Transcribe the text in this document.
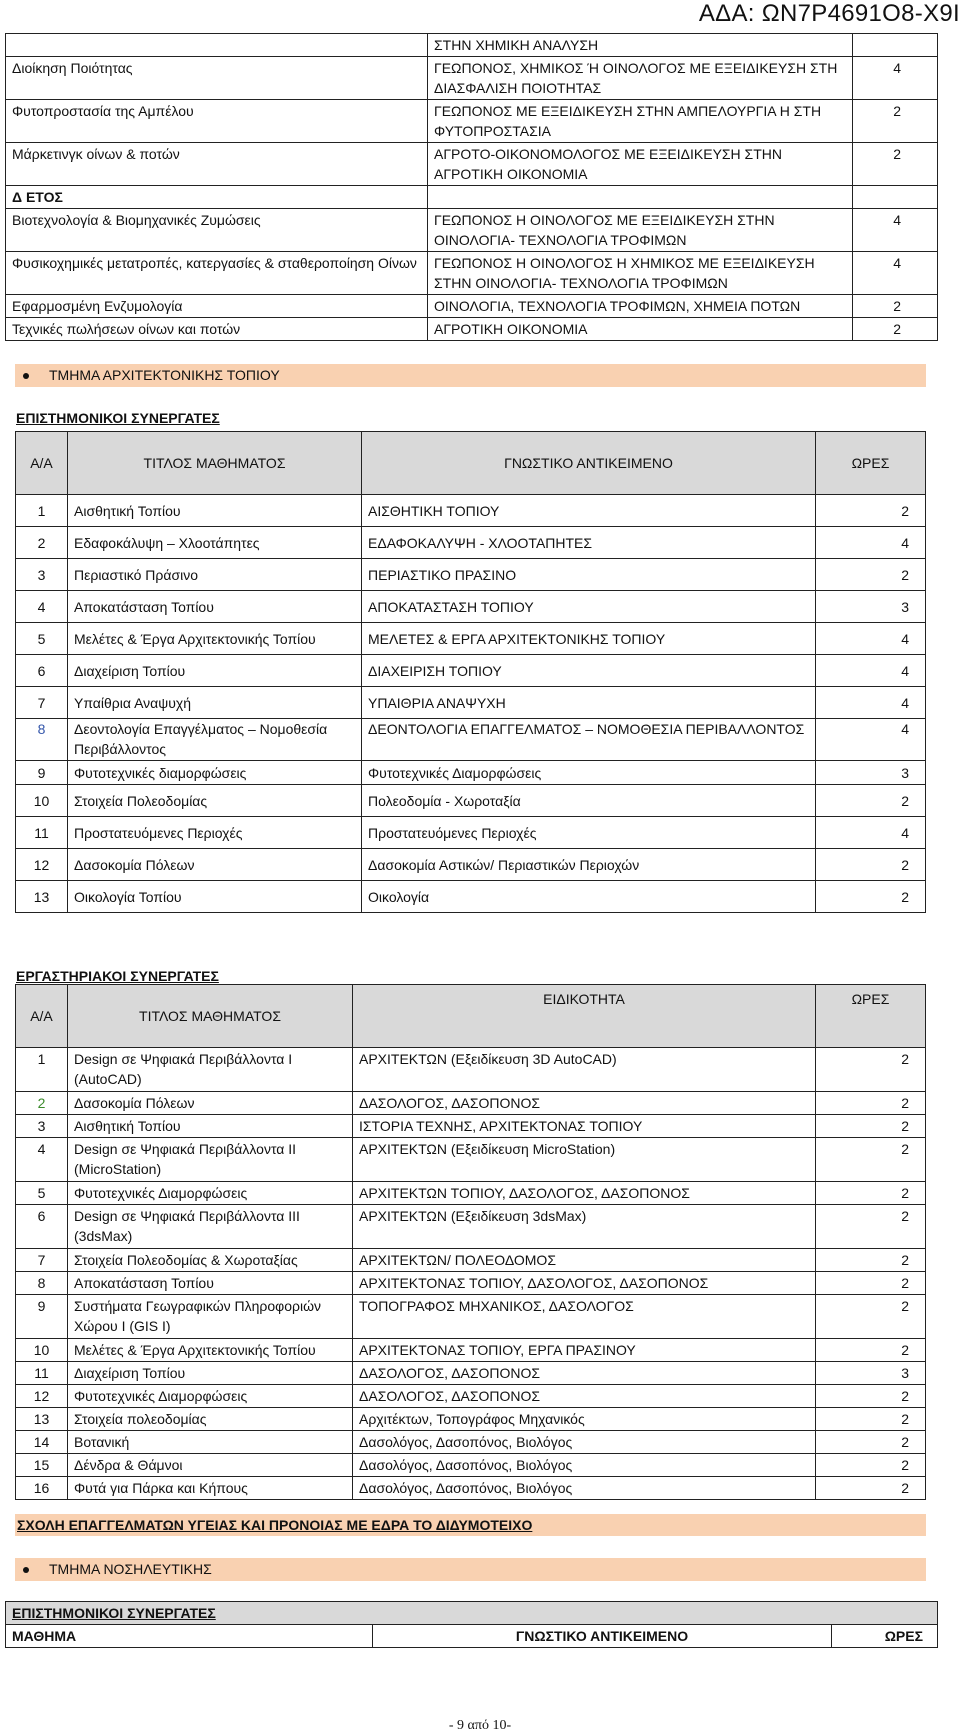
ΑΔΑ: ΩΝ7Ρ4691Ο8-Χ9Ι
	ΣΤΗΝ ΧΗΜΙΚΗ ΑΝΑΛΥΣΗ	
Διοίκηση Ποιότητας	ΓΕΩΠΟΝΟΣ, ΧΗΜΙΚΟΣ Ή ΟΙΝΟΛΟΓΟΣ ΜΕ ΕΞΕΙΔΙΚΕΥΣΗ ΣΤΗ ΔΙΑΣΦΑΛΙΣΗ ΠΟΙΟΤΗΤΑΣ	4
Φυτοπροστασία της Αμπέλου	ΓΕΩΠΟΝΟΣ ΜΕ ΕΞΕΙΔΙΚΕΥΣΗ ΣΤΗΝ ΑΜΠΕΛΟΥΡΓΙΑ Η ΣΤΗ ΦΥΤΟΠΡΟΣΤΑΣΙΑ	2
Μάρκετινγκ οίνων & ποτών	ΑΓΡΟΤΟ-ΟΙΚΟΝΟΜΟΛΟΓΟΣ ΜΕ ΕΞΕΙΔΙΚΕΥΣΗ ΣΤΗΝ ΑΓΡΟΤΙΚΗ ΟΙΚΟΝΟΜΙΑ	2
Δ ΕΤΟΣ		
Βιοτεχνολογία & Βιομηχανικές Ζυμώσεις	ΓΕΩΠΟΝΟΣ Η ΟΙΝΟΛΟΓΟΣ ΜΕ ΕΞΕΙΔΙΚΕΥΣΗ ΣΤΗΝ ΟΙΝΟΛΟΓΙΑ- ΤΕΧΝΟΛΟΓΙΑ ΤΡΟΦΙΜΩΝ	4
Φυσικοχημικές μετατροπές, κατεργασίες & σταθεροποίηση Οίνων	ΓΕΩΠΟΝΟΣ Η ΟΙΝΟΛΟΓΟΣ Η ΧΗΜΙΚΟΣ ΜΕ ΕΞΕΙΔΙΚΕΥΣΗ ΣΤΗΝ ΟΙΝΟΛΟΓΙΑ- ΤΕΧΝΟΛΟΓΙΑ ΤΡΟΦΙΜΩΝ	4
Εφαρμοσμένη Ενζυμολογία	ΟΙΝΟΛΟΓΙΑ, ΤΕΧΝΟΛΟΓΙΑ ΤΡΟΦΙΜΩΝ, ΧΗΜΕΙΑ ΠΟΤΩΝ	2
Τεχνικές πωλήσεων οίνων και ποτών	ΑΓΡΟΤΙΚΗ ΟΙΚΟΝΟΜΙΑ	2
ΤΜΗΜΑ ΑΡΧΙΤΕΚΤΟΝΙΚΗΣ ΤΟΠΙΟΥ
ΕΠΙΣΤΗΜΟΝΙΚΟΙ ΣΥΝΕΡΓΑΤΕΣ
Α/Α	ΤΙΤΛΟΣ ΜΑΘΗΜΑΤΟΣ	ΓΝΩΣΤΙΚΟ ΑΝΤΙΚΕΙΜΕΝΟ	ΩΡΕΣ
1	Αισθητική Τοπίου	ΑΙΣΘΗΤΙΚΗ ΤΟΠΙΟΥ	2
2	Εδαφοκάλυψη – Χλοοτάπητες	ΕΔΑΦΟΚΑΛΥΨΗ - ΧΛΟΟΤΑΠΗΤΕΣ	4
3	Περιαστικό Πράσινο	ΠΕΡΙΑΣΤΙΚΟ ΠΡΑΣΙΝΟ	2
4	Αποκατάσταση Τοπίου	ΑΠΟΚΑΤΑΣΤΑΣΗ ΤΟΠΙΟΥ	3
5	Μελέτες & Έργα Αρχιτεκτονικής Τοπίου	ΜΕΛΕΤΕΣ & ΕΡΓΑ ΑΡΧΙΤΕΚΤΟΝΙΚΗΣ ΤΟΠΙΟΥ	4
6	Διαχείριση Τοπίου	ΔΙΑΧΕΙΡΙΣΗ ΤΟΠΙΟΥ	4
7	Υπαίθρια Αναψυχή	ΥΠΑΙΘΡΙΑ ΑΝΑΨΥΧΗ	4
8	Δεοντολογία Επαγγέλματος – Νομοθεσία Περιβάλλοντος	ΔΕΟΝΤΟΛΟΓΙΑ ΕΠΑΓΓΕΛΜΑΤΟΣ – ΝΟΜΟΘΕΣΙΑ ΠΕΡΙΒΑΛΛΟΝΤΟΣ	4
9	Φυτοτεχνικές διαμορφώσεις	Φυτοτεχνικές Διαμορφώσεις	3
10	Στοιχεία Πολεοδομίας	Πολεοδομία - Χωροταξία	2
11	Προστατευόμενες Περιοχές	Προστατευόμενες Περιοχές	4
12	Δασοκομία Πόλεων	Δασοκομία Αστικών/ Περιαστικών Περιοχών	2
13	Οικολογία Τοπίου	Οικολογία	2
ΕΡΓΑΣΤΗΡΙΑΚΟΙ ΣΥΝΕΡΓΑΤΕΣ
Α/Α	ΤΙΤΛΟΣ ΜΑΘΗΜΑΤΟΣ	ΕΙΔΙΚΟΤΗΤΑ	ΩΡΕΣ
1	Design σε Ψηφιακά Περιβάλλοντα I (AutoCAD)	ΑΡΧΙΤΕΚΤΩΝ (Εξειδίκευση 3D AutoCAD)	2
2	Δασοκομία Πόλεων	ΔΑΣΟΛΟΓΟΣ, ΔΑΣΟΠΟΝΟΣ	2
3	Αισθητική Τοπίου	ΙΣΤΟΡΙΑ ΤΕΧΝΗΣ, ΑΡΧΙΤΕΚΤΟΝΑΣ ΤΟΠΙΟΥ	2
4	Design σε Ψηφιακά Περιβάλλοντα II (MicroStation)	ΑΡΧΙΤΕΚΤΩΝ (Εξειδίκευση MicroStation)	2
5	Φυτοτεχνικές Διαμορφώσεις	ΑΡΧΙΤΕΚΤΩΝ ΤΟΠΙΟΥ, ΔΑΣΟΛΟΓΟΣ, ΔΑΣΟΠΟΝΟΣ	2
6	Design σε Ψηφιακά Περιβάλλοντα III (3dsMax)	ΑΡΧΙΤΕΚΤΩΝ (Εξειδίκευση 3dsMax)	2
7	Στοιχεία Πολεοδομίας & Χωροταξίας	ΑΡΧΙΤΕΚΤΩΝ/ ΠΟΛΕΟΔΟΜΟΣ	2
8	Αποκατάσταση Τοπίου	ΑΡΧΙΤΕΚΤΟΝΑΣ ΤΟΠΙΟΥ, ΔΑΣΟΛΟΓΟΣ, ΔΑΣΟΠΟΝΟΣ	2
9	Συστήματα Γεωγραφικών Πληροφοριών Χώρου I (GIS I)	ΤΟΠΟΓΡΑΦΟΣ ΜΗΧΑΝΙΚΟΣ, ΔΑΣΟΛΟΓΟΣ	2
10	Μελέτες & Έργα Αρχιτεκτονικής Τοπίου	ΑΡΧΙΤΕΚΤΟΝΑΣ ΤΟΠΙΟΥ, ΕΡΓΑ ΠΡΑΣΙΝΟΥ	2
11	Διαχείριση Τοπίου	ΔΑΣΟΛΟΓΟΣ, ΔΑΣΟΠΟΝΟΣ	3
12	Φυτοτεχνικές Διαμορφώσεις	ΔΑΣΟΛΟΓΟΣ, ΔΑΣΟΠΟΝΟΣ	2
13	Στοιχεία πολεοδομίας	Αρχιτέκτων, Τοπογράφος Μηχανικός	2
14	Βοτανική	Δασολόγος, Δασοπόνος, Βιολόγος	2
15	Δένδρα & Θάμνοι	Δασολόγος, Δασοπόνος, Βιολόγος	2
16	Φυτά για Πάρκα και Κήπους	Δασολόγος, Δασοπόνος, Βιολόγος	2
ΣΧΟΛΗ ΕΠΑΓΓΕΛΜΑΤΩΝ ΥΓΕΙΑΣ ΚΑΙ ΠΡΟΝΟΙΑΣ ΜΕ ΕΔΡΑ ΤΟ ΔΙΔΥΜΟΤΕΙΧΟ
ΤΜΗΜΑ ΝΟΣΗΛΕΥΤΙΚΗΣ
ΕΠΙΣΤΗΜΟΝΙΚΟΙ ΣΥΝΕΡΓΑΤΕΣ
ΜΑΘΗΜΑ	ΓΝΩΣΤΙΚΟ ΑΝΤΙΚΕΙΜΕΝΟ	ΩΡΕΣ
- 9 από 10-
